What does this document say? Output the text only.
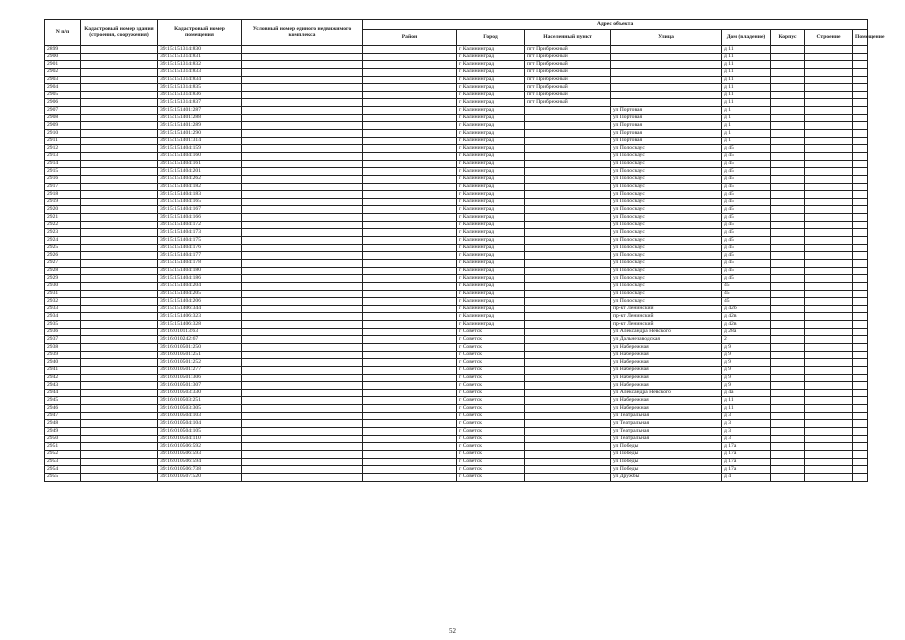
N п/п	Кадастровый номер здания (строения, сооружения)	Кадастровый номер помещения	Условный номер единого недвижимого комплекса	Адрес объекта							
				Район	Город	Населенный пункт	Улица	Дом (владение)	Корпус	Строение	Помещение
2899		39:15:151314:830			г Калининград	пгт Прибрежный		д 11			
2900		39:15:151314:831			г Калининград	пгт Прибрежный		д 11			
2901		39:15:151314:832			г Калининград	пгт Прибрежный		д 11			
2902		39:15:151314:833			г Калининград	пгт Прибрежный		д 11			
2903		39:15:151314:834			г Калининград	пгт Прибрежный		д 11			
2904		39:15:151314:835			г Калининград	пгт Прибрежный		д 11			
2905		39:15:151314:836			г Калининград	пгт Прибрежный		д 11			
2906		39:15:151314:837			г Калининград	пгт Прибрежный		д 11			
2907		39:15:151401:287			г Калининград		ул Портовая	д 1			
2908		39:15:151401:288			г Калининград		ул Портовая	д 1			
2909		39:15:151401:289			г Калининград		ул Портовая	д 1			
2910		39:15:151401:290			г Калининград		ул Портовая	д 1			
2911		39:15:151401:314			г Калининград		ул Портовая	д 1			
2912		39:15:151404:159			г Калининград		ул Полоскаус	д 45			
2913		39:15:151404:160			г Калининград		ул Полоскаус	д 45			
2914		39:15:151404:161			г Калининград		ул Полоскаус	д 45			
2915		39:15:151404:201			г Калининград		ул Полоскаус	д 45			
2916		39:15:151404:262			г Калининград		ул Полоскаус	д 45			
2917		39:15:151404:182			г Калининград		ул Полоскаус	д 45			
2918		39:15:151404:183			г Калининград		ул Полоскаус	д 45			
2919		39:15:151404:165			г Калининград		ул Полоскаус	д 45			
2920		39:15:151404:167			г Калининград		ул Полоскаус	д 45			
2921		39:15:151404:166			г Калининград		ул Полоскаус	д 45			
2922		39:15:151404:172			г Калининград		ул Полоскаус	д 45			
2923		39:15:151404:173			г Калининград		ул Полоскаус	д 45			
2924		39:15:151404:175			г Калининград		ул Полоскаус	д 45			
2925		39:15:151404:176			г Калининград		ул Полоскаус	д 45			
2926		39:15:151404:177			г Калининград		ул Полоскаус	д 45			
2927		39:15:151404:178			г Калининград		ул Полоскаус	д 45			
2928		39:15:151404:180			г Калининград		ул Полоскаус	д 45			
2929		39:15:151404:186			г Калининград		ул Полоскаус	д 45			
2930		39:15:151404:204			г Калининград		ул Полоскаус	45			
2931		39:15:151404:205			г Калининград		ул Полоскаус	45			
2932		39:15:151404:206			г Калининград		ул Полоскаус	45			
2933		39:15:151406:344			г Калининград		пр-кт Ленинский	д 42б			
2934		39:15:151406:323			г Калининград		пр-кт Ленинский	д 42в			
2935		39:15:151406:328			г Калининград		пр-кт Ленинский	д 42в			
2936		39:16:010113:63			г Советск		ул Александра Невского	д 28а			
2937		39:16:010242:67			г Советск		ул Дальнезаводская	2			
2938		39:16:010501:250			г Советск		ул Набережная	д 9			
2939		39:16:010501:251			г Советск		ул Набережная	д 9			
2940		39:16:010501:252			г Советск		ул Набережная	д 9			
2941		39:16:010501:277			г Советск		ул Набережная	д 9			
2942		39:16:010501:306			г Советск		ул Набережная	д 9			
2943		39:16:010501:307			г Советск		ул Набережная	д 9			
2944		39:16:010503:330			г Советск		ул Александра Невского	д 4а			
2945		39:16:010503:251			г Советск		ул Набережная	д 11			
2946		39:16:010503:305			г Советск		ул Набережная	д 11			
2947		39:16:010504:103			г Советск		ул Театральная	д 3			
2948		39:16:010504:104			г Советск		ул Театральная	д 3			
2949		39:16:010504:105			г Советск		ул Театральная	д 3			
2950		39:16:010504:110			г Советск		ул Театральная	д 3			
2951		39:16:010506:592			г Советск		ул Победы	д 17а			
2952		39:16:010506:593			г Советск		ул Победы	д 17а			
2953		39:16:010506:594			г Советск		ул Победы	д 17а			
2954		39:16:010506:738			г Советск		ул Победы	д 17а			
2955		39:16:010507:520			г Советск		ул Дружбы	д 4			
52
